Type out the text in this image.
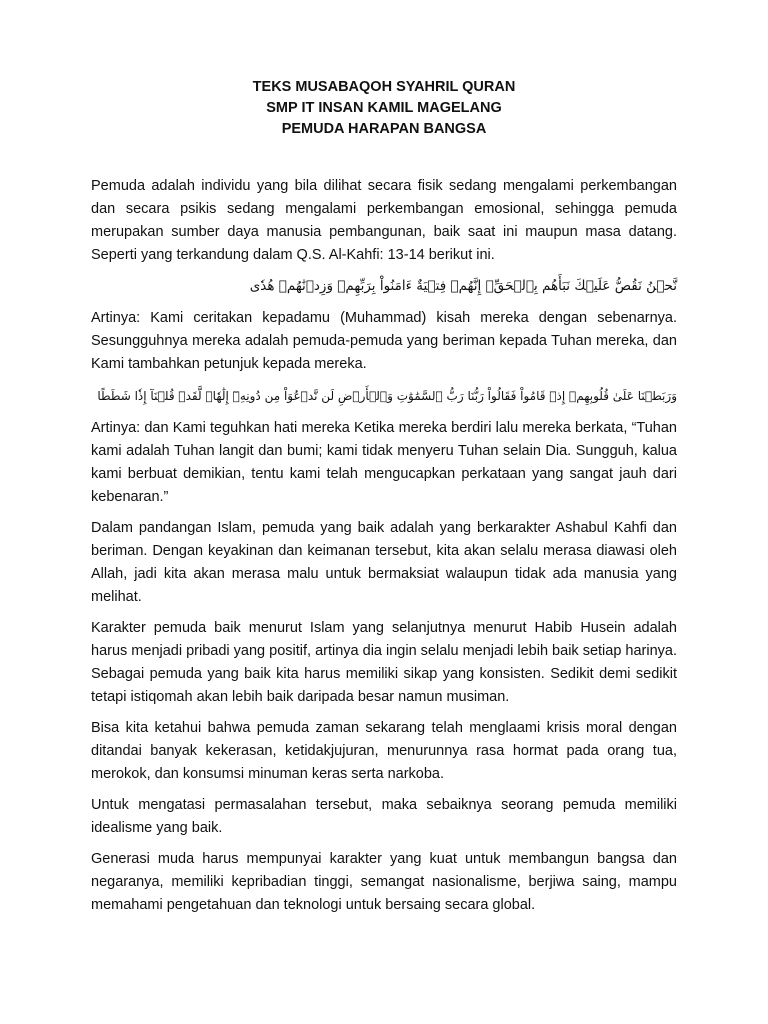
TEKS MUSABAQOH SYAHRIL QURAN
SMP IT INSAN KAMIL MAGELANG
PEMUDA HARAPAN BANGSA

Pemuda adalah individu yang bila dilihat secara fisik sedang mengalami perkembangan dan secara psikis sedang mengalami perkembangan emosional, sehingga pemuda merupakan sumber daya manusia pembangunan, baik saat ini maupun masa datang. Seperti yang terkandung dalam Q.S. Al-Kahfi: 13-14 berikut ini.

نَّحۡنُ نَقُصُّ عَلَيۡكَ نَبَأَهُم بِٱلۡحَقِّۚ إِنَّهُمۡ فِتۡيَةٌ ءَامَنُواْ بِرَبِّهِمۡ وَزِدۡنَٰهُمۡ هُدٗى

Artinya: Kami ceritakan kepadamu (Muhammad) kisah mereka dengan sebenarnya. Sesungguhnya mereka adalah pemuda-pemuda yang beriman kepada Tuhan mereka, dan Kami tambahkan petunjuk kepada mereka.

وَرَبَطۡنَا عَلَىٰ قُلُوبِهِمۡ إِذۡ قَامُواْ فَقَالُواْ رَبُّنَا رَبُّ ٱلسَّمَٰوَٰتِ وَٱلۡأَرۡضِ لَن نَّدۡعُوَاْ مِن دُونِهِۦٓ إِلَٰهٗاۖ لَّقَدۡ قُلۡنَآ إِذٗا شَطَطًا

Artinya: dan Kami teguhkan hati mereka Ketika mereka berdiri lalu mereka berkata, “Tuhan kami adalah Tuhan langit dan bumi; kami tidak menyeru Tuhan selain Dia. Sungguh, kalua kami berbuat demikian, tentu kami telah mengucapkan perkataan yang sangat jauh dari kebenaran.”

Dalam pandangan Islam, pemuda yang baik adalah yang berkarakter Ashabul Kahfi dan beriman. Dengan keyakinan dan keimanan tersebut, kita akan selalu merasa diawasi oleh Allah, jadi kita akan merasa malu untuk bermaksiat walaupun tidak ada manusia yang melihat.

Karakter pemuda baik menurut Islam yang selanjutnya menurut Habib Husein adalah harus menjadi pribadi yang positif, artinya dia ingin selalu menjadi lebih baik setiap harinya. Sebagai pemuda yang baik kita harus memiliki sikap yang konsisten. Sedikit demi sedikit tetapi istiqomah akan lebih baik daripada besar namun musiman.

Bisa kita ketahui bahwa pemuda zaman sekarang telah menglaami krisis moral dengan ditandai banyak kekerasan, ketidakjujuran, menurunnya rasa hormat pada orang tua, merokok, dan konsumsi minuman keras serta narkoba.

Untuk mengatasi permasalahan tersebut, maka sebaiknya seorang pemuda memiliki idealisme yang baik.

Generasi muda harus mempunyai karakter yang kuat untuk membangun bangsa dan negaranya, memiliki kepribadian tinggi, semangat nasionalisme, berjiwa saing, mampu memahami pengetahuan dan teknologi untuk bersaing secara global.
